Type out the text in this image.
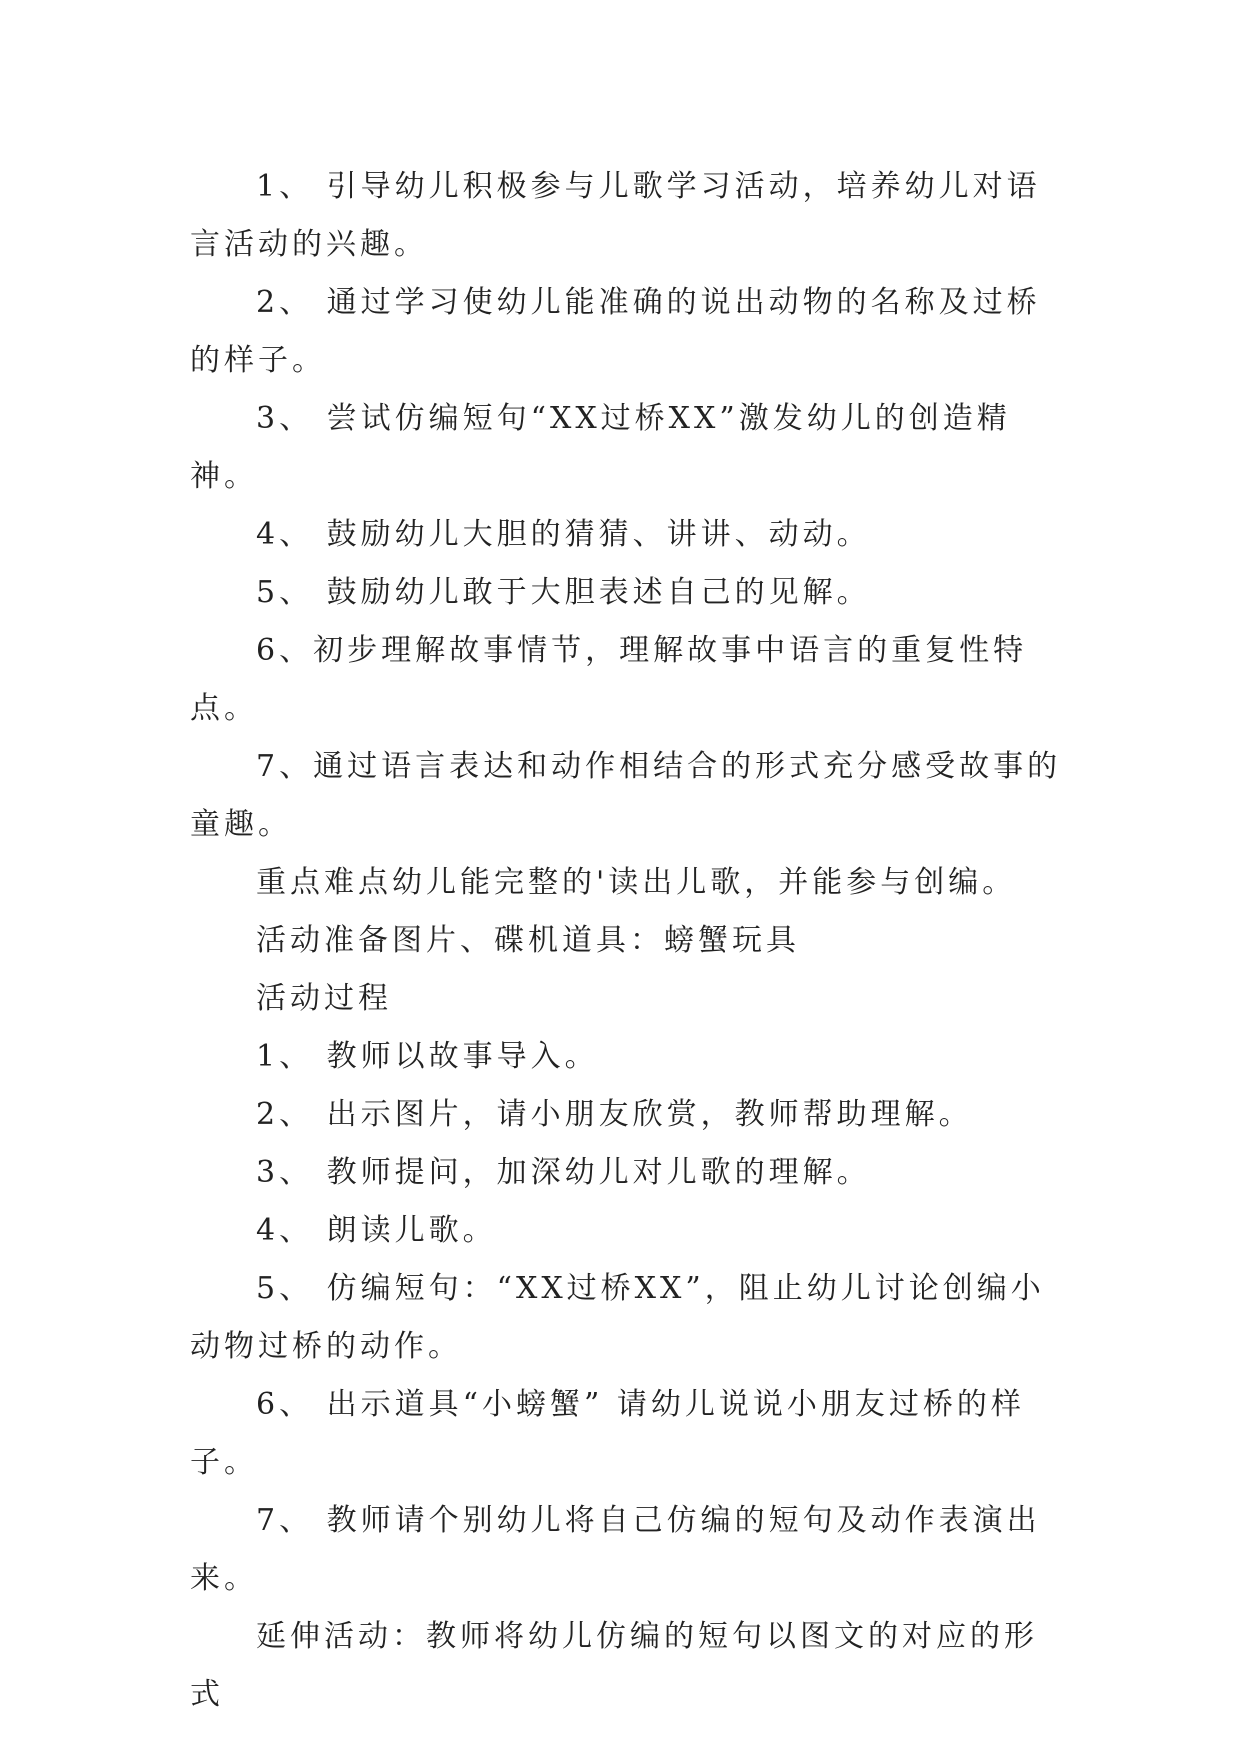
1、 引导幼儿积极参与儿歌学习活动，培养幼儿对语言活动的兴趣。

2、 通过学习使幼儿能准确的说出动物的名称及过桥的样子。

3、 尝试仿编短句“XX过桥XX”激发幼儿的创造精神。

4、 鼓励幼儿大胆的猜猜、讲讲、动动。

5、 鼓励幼儿敢于大胆表述自己的见解。

6、初步理解故事情节，理解故事中语言的重复性特点。

7、通过语言表达和动作相结合的形式充分感受故事的童趣。

重点难点幼儿能完整的'读出儿歌，并能参与创编。

活动准备图片、碟机道具：螃蟹玩具

活动过程

1、 教师以故事导入。

2、 出示图片，请小朋友欣赏，教师帮助理解。

3、 教师提问，加深幼儿对儿歌的理解。

4、 朗读儿歌。

5、 仿编短句：“XX过桥XX”，阻止幼儿讨论创编小动物过桥的动作。

6、 出示道具“小螃蟹” 请幼儿说说小朋友过桥的样子。

7、 教师请个别幼儿将自己仿编的短句及动作表演出来。

延伸活动：教师将幼儿仿编的短句以图文的对应的形式
